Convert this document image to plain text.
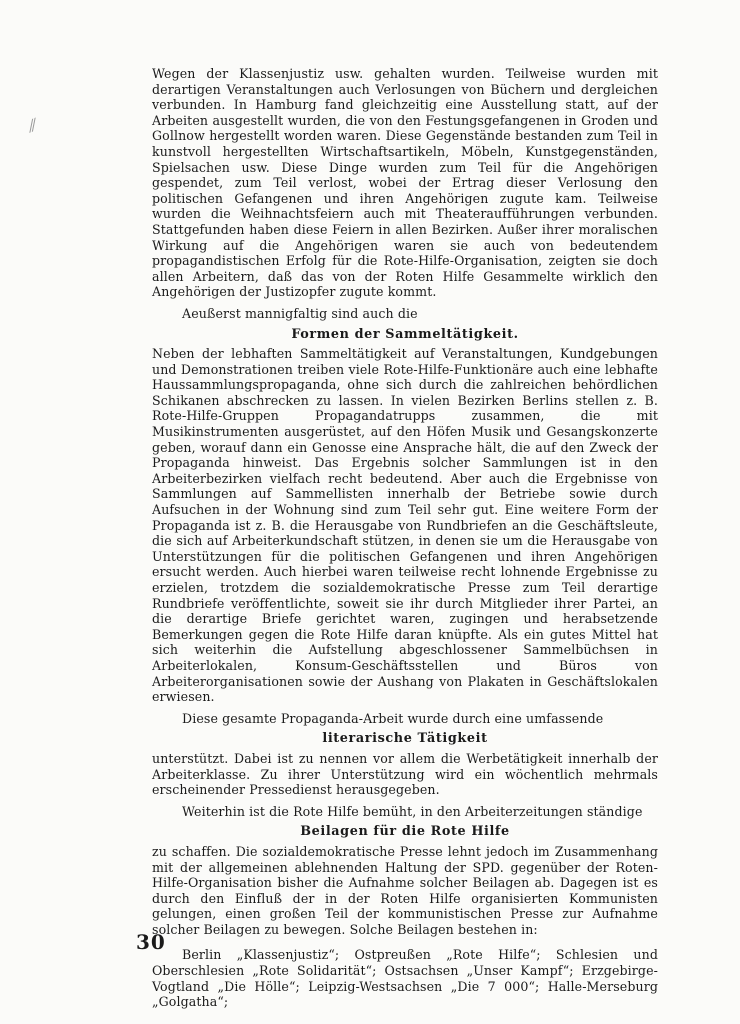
⁄⁄

Wegen der Klassenjustiz usw. gehalten wurden. Teilweise wurden mit derartigen Veranstaltungen auch Verlosungen von Büchern und dergleichen verbunden. In Hamburg fand gleichzeitig eine Ausstellung statt, auf der Arbeiten ausgestellt wurden, die von den Festungsgefangenen in Groden und Gollnow hergestellt worden waren. Diese Gegenstände bestanden zum Teil in kunstvoll hergestellten Wirtschaftsartikeln, Möbeln, Kunstgegenständen, Spielsachen usw. Diese Dinge wurden zum Teil für die Angehörigen gespendet, zum Teil verlost, wobei der Ertrag dieser Verlosung den politischen Gefangenen und ihren Angehörigen zugute kam. Teilweise wurden die Weihnachtsfeiern auch mit Theateraufführungen verbunden. Stattgefunden haben diese Feiern in allen Bezirken. Außer ihrer moralischen Wirkung auf die Angehörigen waren sie auch von bedeutendem propagandistischen Erfolg für die Rote-Hilfe-Organisation, zeigten sie doch allen Arbeitern, daß das von der Roten Hilfe Gesammelte wirklich den Angehörigen der Justizopfer zugute kommt.

Aeußerst mannigfaltig sind auch die

Formen der Sammeltätigkeit.

Neben der lebhaften Sammeltätigkeit auf Veranstaltungen, Kundgebungen und Demonstrationen treiben viele Rote-Hilfe-Funktionäre auch eine lebhafte Haussammlungspropaganda, ohne sich durch die zahlreichen behördlichen Schikanen abschrecken zu lassen. In vielen Bezirken Berlins stellen z. B. Rote-Hilfe-Gruppen Propagandatrupps zusammen, die mit Musikinstrumenten ausgerüstet, auf den Höfen Musik und Gesangskonzerte geben, worauf dann ein Genosse eine Ansprache hält, die auf den Zweck der Propaganda hinweist. Das Ergebnis solcher Sammlungen ist in den Arbeiterbezirken vielfach recht bedeutend. Aber auch die Ergebnisse von Sammlungen auf Sammellisten innerhalb der Betriebe sowie durch Aufsuchen in der Wohnung sind zum Teil sehr gut. Eine weitere Form der Propaganda ist z. B. die Herausgabe von Rundbriefen an die Geschäftsleute, die sich auf Arbeiterkundschaft stützen, in denen sie um die Herausgabe von Unterstützungen für die politischen Gefangenen und ihren Angehörigen ersucht werden. Auch hierbei waren teilweise recht lohnende Ergebnisse zu erzielen, trotzdem die sozialdemokratische Presse zum Teil derartige Rundbriefe veröffentlichte, soweit sie ihr durch Mitglieder ihrer Partei, an die derartige Briefe gerichtet waren, zugingen und herabsetzende Bemerkungen gegen die Rote Hilfe daran knüpfte. Als ein gutes Mittel hat sich weiterhin die Aufstellung abgeschlossener Sammelbüchsen in Arbeiterlokalen, Konsum-Geschäftsstellen und Büros von Arbeiterorganisationen sowie der Aushang von Plakaten in Geschäftslokalen erwiesen.

Diese gesamte Propaganda-Arbeit wurde durch eine umfassende

literarische Tätigkeit

unterstützt. Dabei ist zu nennen vor allem die Werbetätigkeit innerhalb der Arbeiterklasse. Zu ihrer Unterstützung wird ein wöchentlich mehrmals erscheinender Pressedienst herausgegeben.

Weiterhin ist die Rote Hilfe bemüht, in den Arbeiterzeitungen ständige

Beilagen für die Rote Hilfe

zu schaffen. Die sozialdemokratische Presse lehnt jedoch im Zusammenhang mit der allgemeinen ablehnenden Haltung der SPD. gegenüber der Roten-Hilfe-Organisation bisher die Aufnahme solcher Beilagen ab. Dagegen ist es durch den Einfluß der in der Roten Hilfe organisierten Kommunisten gelungen, einen großen Teil der kommunistischen Presse zur Aufnahme solcher Beilagen zu bewegen. Solche Beilagen bestehen in:

Berlin „Klassenjustiz“; Ostpreußen „Rote Hilfe“; Schlesien und Oberschlesien „Rote Solidarität“; Ostsachsen „Unser Kampf“; Erzgebirge-Vogtland „Die Hölle“; Leipzig-Westsachsen „Die 7 000“; Halle-Merseburg „Golgatha“;

30
